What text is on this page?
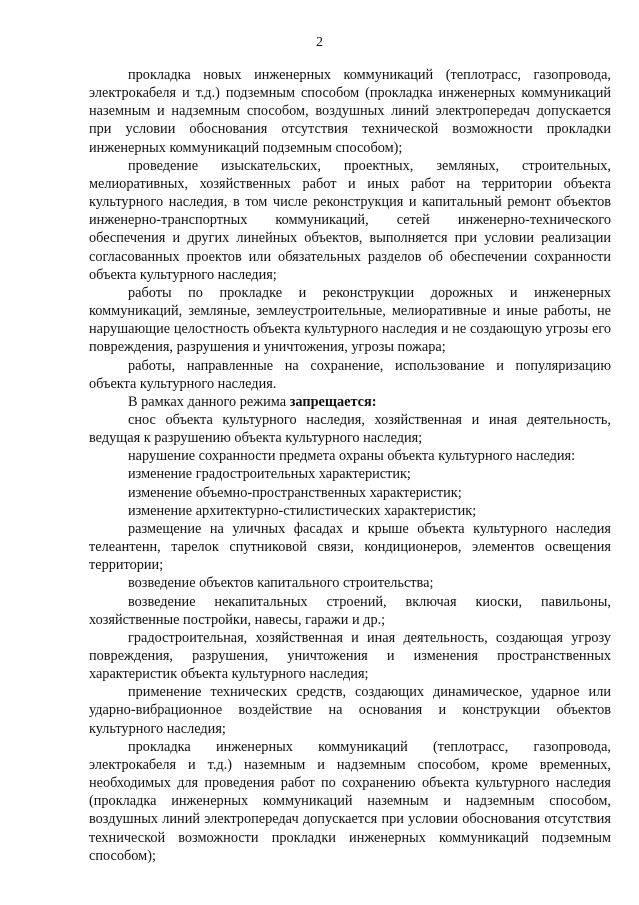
2

прокладка новых инженерных коммуникаций (теплотрасс, газопровода, электрокабеля и т.д.) подземным способом (прокладка инженерных коммуникаций наземным и надземным способом, воздушных линий электропередач допускается при условии обоснования отсутствия технической возможности прокладки инженерных коммуникаций подземным способом);

проведение изыскательских, проектных, земляных, строительных, мелиоративных, хозяйственных работ и иных работ на территории объекта культурного наследия, в том числе реконструкция и капитальный ремонт объектов инженерно-транспортных коммуникаций, сетей инженерно-технического обеспечения и других линейных объектов, выполняется при условии реализации согласованных проектов или обязательных разделов об обеспечении сохранности объекта культурного наследия;

работы по прокладке и реконструкции дорожных и инженерных коммуникаций, земляные, землеустроительные, мелиоративные и иные работы, не нарушающие целостность объекта культурного наследия и не создающую угрозы его повреждения, разрушения и уничтожения, угрозы пожара;

работы, направленные на сохранение, использование и популяризацию объекта культурного наследия.

В рамках данного режима запрещается:

снос объекта культурного наследия, хозяйственная и иная деятельность, ведущая к разрушению объекта культурного наследия;

нарушение сохранности предмета охраны объекта культурного наследия:

изменение градостроительных характеристик;

изменение объемно-пространственных характеристик;

изменение архитектурно-стилистических характеристик;

размещение на уличных фасадах и крыше объекта культурного наследия телеантенн, тарелок спутниковой связи, кондиционеров, элементов освещения территории;

возведение объектов капитального строительства;

возведение некапитальных строений, включая киоски, павильоны, хозяйственные постройки, навесы, гаражи и др.;

градостроительная, хозяйственная и иная деятельность, создающая угрозу повреждения, разрушения, уничтожения и изменения пространственных характеристик объекта культурного наследия;

применение технических средств, создающих динамическое, ударное или ударно-вибрационное воздействие на основания и конструкции объектов культурного наследия;

прокладка инженерных коммуникаций (теплотрасс, газопровода, электрокабеля и т.д.) наземным и надземным способом, кроме временных, необходимых для проведения работ по сохранению объекта культурного наследия (прокладка инженерных коммуникаций наземным и надземным способом, воздушных линий электропередач допускается при условии обоснования отсутствия технической возможности прокладки инженерных коммуникаций подземным способом);
